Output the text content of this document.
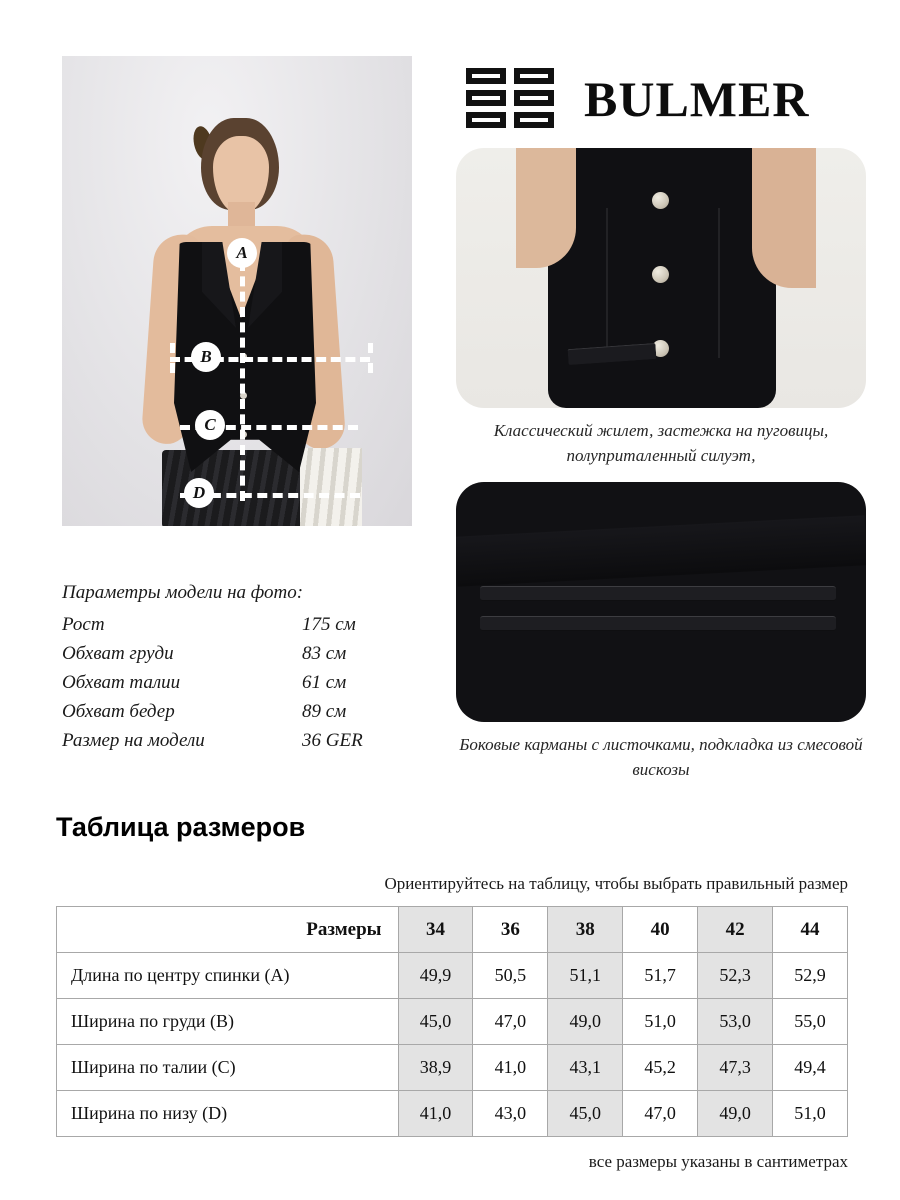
A
B
C
D
BULMER
Классический жилет, застежка на пуговицы, полуприталенный силуэт,
Боковые карманы с листочками, подкладка из смесовой вискозы
Параметры модели на фото:
Рост	175 см
Обхват груди	83 см
Обхват талии	61 см
Обхват бедер	89 см
Размер на модели	36 GER
Таблица размеров
Ориентируйтесь на таблицу, чтобы выбрать правильный размер
Размеры	34	36	38	40	42	44
Длина по центру спинки (A)	49,9	50,5	51,1	51,7	52,3	52,9
Ширина по груди (B)	45,0	47,0	49,0	51,0	53,0	55,0
Ширина по талии (C)	38,9	41,0	43,1	45,2	47,3	49,4
Ширина по низу (D)	41,0	43,0	45,0	47,0	49,0	51,0
все размеры указаны в сантиметрах
